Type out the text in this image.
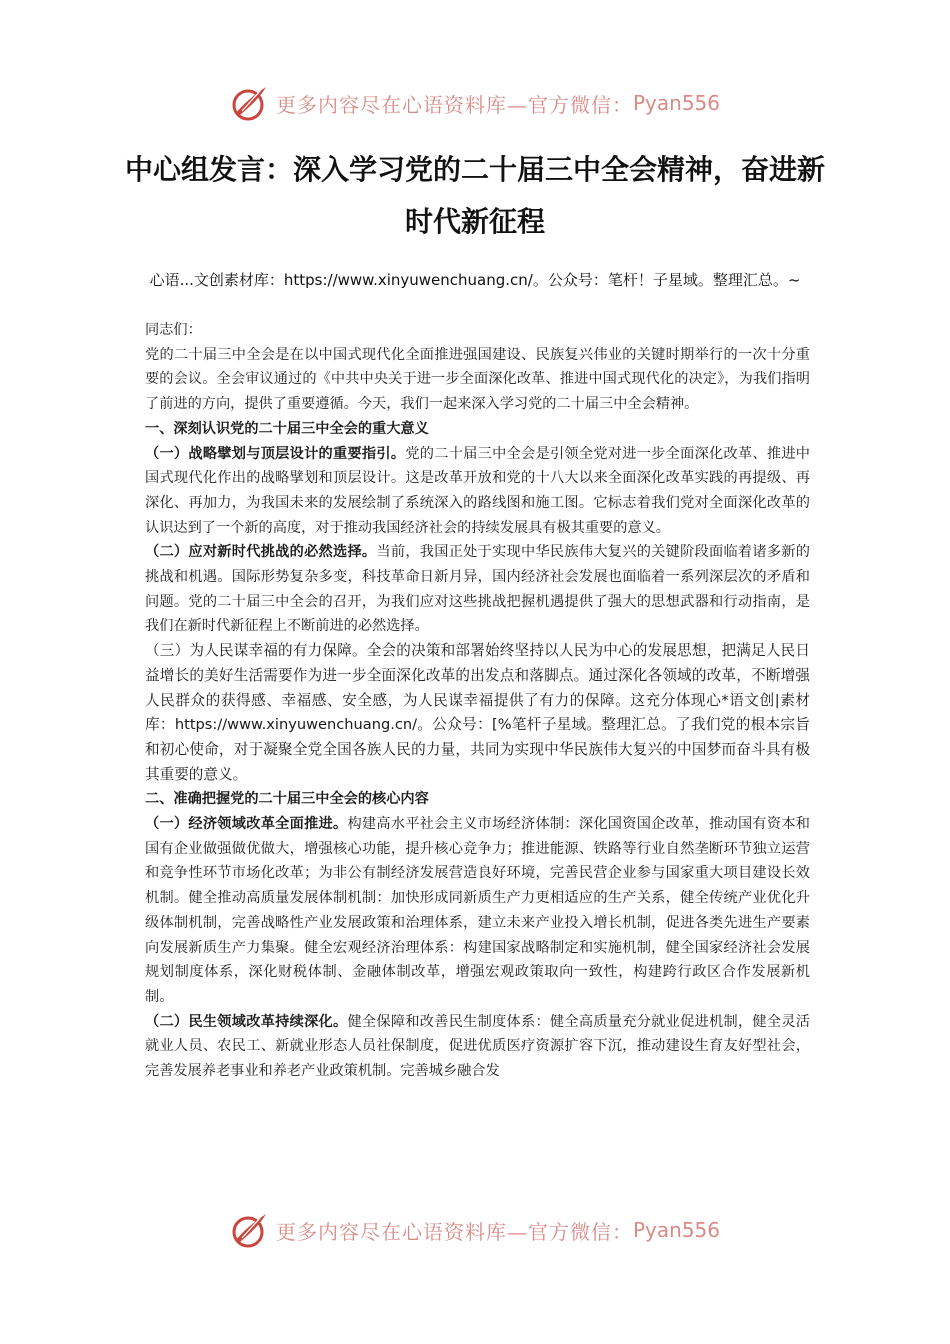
更多内容尽在心语资料库—官方微信： Pyan556
中心组发言：深入学习党的二十届三中全会精神，奋进新时代新征程
心语...文创素材库：https://www.xinyuwenchuang.cn/。公众号：笔杆！子星域。整理汇总。~

同志们：

党的二十届三中全会是在以中国式现代化全面推进强国建设、民族复兴伟业的关键时期举行的一次十分重要的会议。全会审议通过的《中共中央关于进一步全面深化改革、推进中国式现代化的决定》，为我们指明了前进的方向，提供了重要遵循。今天，我们一起来深入学习党的二十届三中全会精神。

一、深刻认识党的二十届三中全会的重大意义

（一）战略擘划与顶层设计的重要指引。党的二十届三中全会是引领全党对进一步全面深化改革、推进中国式现代化作出的战略擘划和顶层设计。这是改革开放和党的十八大以来全面深化改革实践的再提级、再深化、再加力，为我国未来的发展绘制了系统深入的路线图和施工图。它标志着我们党对全面深化改革的认识达到了一个新的高度，对于推动我国经济社会的持续发展具有极其重要的意义。

（二）应对新时代挑战的必然选择。当前，我国正处于实现中华民族伟大复兴的关键阶段面临着诸多新的挑战和机遇。国际形势复杂多变，科技革命日新月异，国内经济社会发展也面临着一系列深层次的矛盾和问题。党的二十届三中全会的召开，为我们应对这些挑战把握机遇提供了强大的思想武器和行动指南，是我们在新时代新征程上不断前进的必然选择。

（三）为人民谋幸福的有力保障。全会的决策和部署始终坚持以人民为中心的发展思想，把满足人民日益增长的美好生活需要作为进一步全面深化改革的出发点和落脚点。通过深化各领域的改革，不断增强人民群众的获得感、幸福感、安全感，为人民谋幸福提供了有力的保障。这充分体现心*语文创|素材库：https://www.xinyuwenchuang.cn/。公众号：[%笔杆子星域。整理汇总。了我们党的根本宗旨和初心使命，对于凝聚全党全国各族人民的力量，共同为实现中华民族伟大复兴的中国梦而奋斗具有极其重要的意义。

二、准确把握党的二十届三中全会的核心内容

（一）经济领域改革全面推进。构建高水平社会主义市场经济体制：深化国资国企改革，推动国有资本和国有企业做强做优做大，增强核心功能，提升核心竞争力；推进能源、铁路等行业自然垄断环节独立运营和竞争性环节市场化改革；为非公有制经济发展营造良好环境，完善民营企业参与国家重大项目建设长效机制。健全推动高质量发展体制机制：加快形成同新质生产力更相适应的生产关系，健全传统产业优化升级体制机制，完善战略性产业发展政策和治理体系，建立未来产业投入增长机制，促进各类先进生产要素向发展新质生产力集聚。健全宏观经济治理体系：构建国家战略制定和实施机制，健全国家经济社会发展规划制度体系，深化财税体制、金融体制改革，增强宏观政策取向一致性，构建跨行政区合作发展新机制。

（二）民生领域改革持续深化。健全保障和改善民生制度体系：健全高质量充分就业促进机制，健全灵活就业人员、农民工、新就业形态人员社保制度，促进优质医疗资源扩容下沉，推动建设生育友好型社会，完善发展养老事业和养老产业政策机制。完善城乡融合发

更多内容尽在心语资料库—官方微信： Pyan556
